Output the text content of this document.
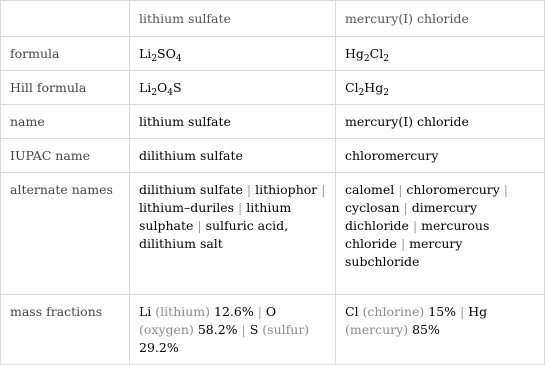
	lithium sulfate	mercury(I) chloride
formula	$Li_2SO_4$	$Hg_2Cl_2$
Hill formula	$Li_2O_4S$	$Cl_2Hg_2$
name	lithium sulfate	mercury(I) chloride
IUPAC name	dilithium sulfate	chloromercury
alternate names	dilithium sulfate | lithiophor | lithium–duriles | lithium sulphate | sulfuric acid, dilithium salt	calomel | chloromercury | cyclosan | dimercury dichloride | mercurous chloride | mercury subchloride
mass fractions	Li (lithium) 12.6% | O (oxygen) 58.2% | S (sulfur) 29.2%	Cl (chlorine) 15% | Hg (mercury) 85%
